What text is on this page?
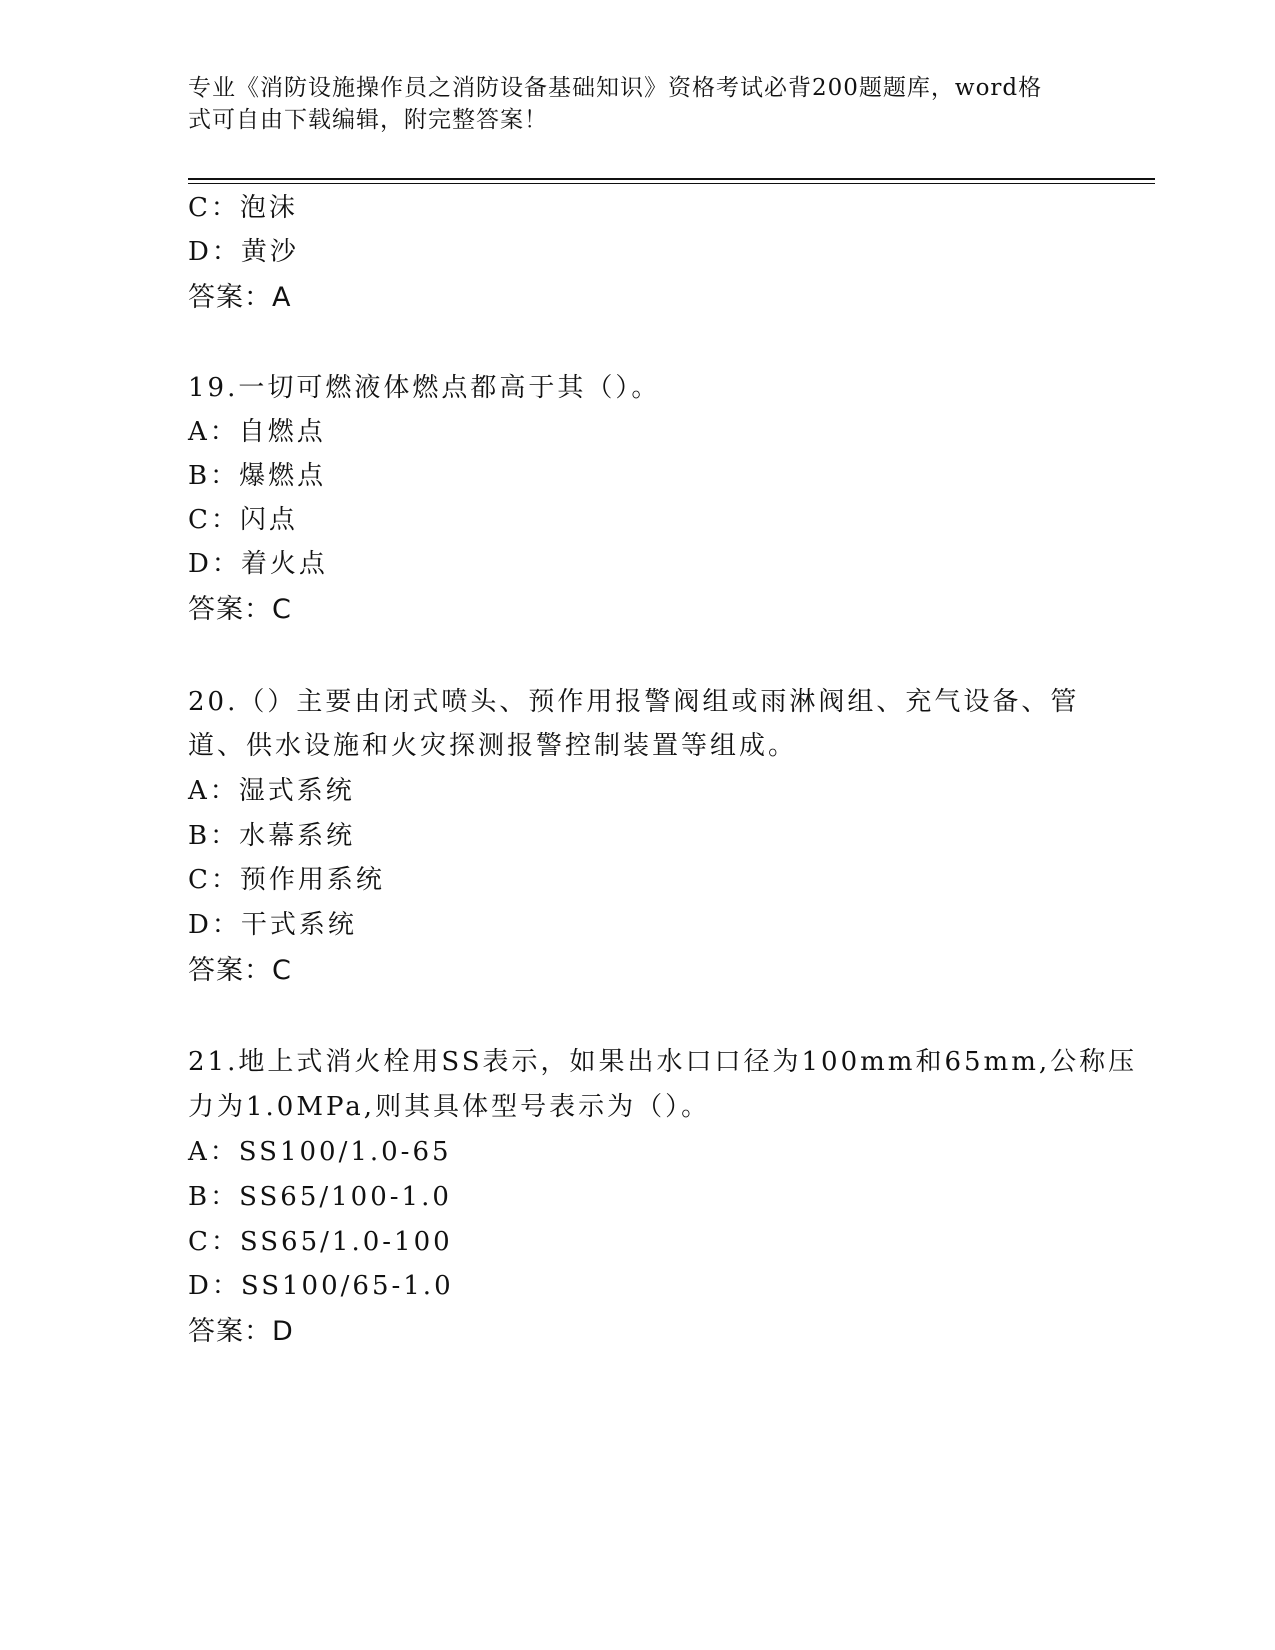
专业《消防设施操作员之消防设备基础知识》资格考试必背200题题库，word格
式可自由下载编辑，附完整答案！
C：泡沫
D：黄沙
答案：A
19.一切可燃液体燃点都高于其（）。
A：自燃点
B：爆燃点
C：闪点
D：着火点
答案：C
20.（）主要由闭式喷头、预作用报警阀组或雨淋阀组、充气设备、管
道、供水设施和火灾探测报警控制装置等组成。
A：湿式系统
B：水幕系统
C：预作用系统
D：干式系统
答案：C
21.地上式消火栓用SS表示，如果出水口口径为100mm和65mm,公称压
力为1.0MPa,则其具体型号表示为（）。
A：SS100/1.0-65
B：SS65/100-1.0
C：SS65/1.0-100
D：SS100/65-1.0
答案：D
